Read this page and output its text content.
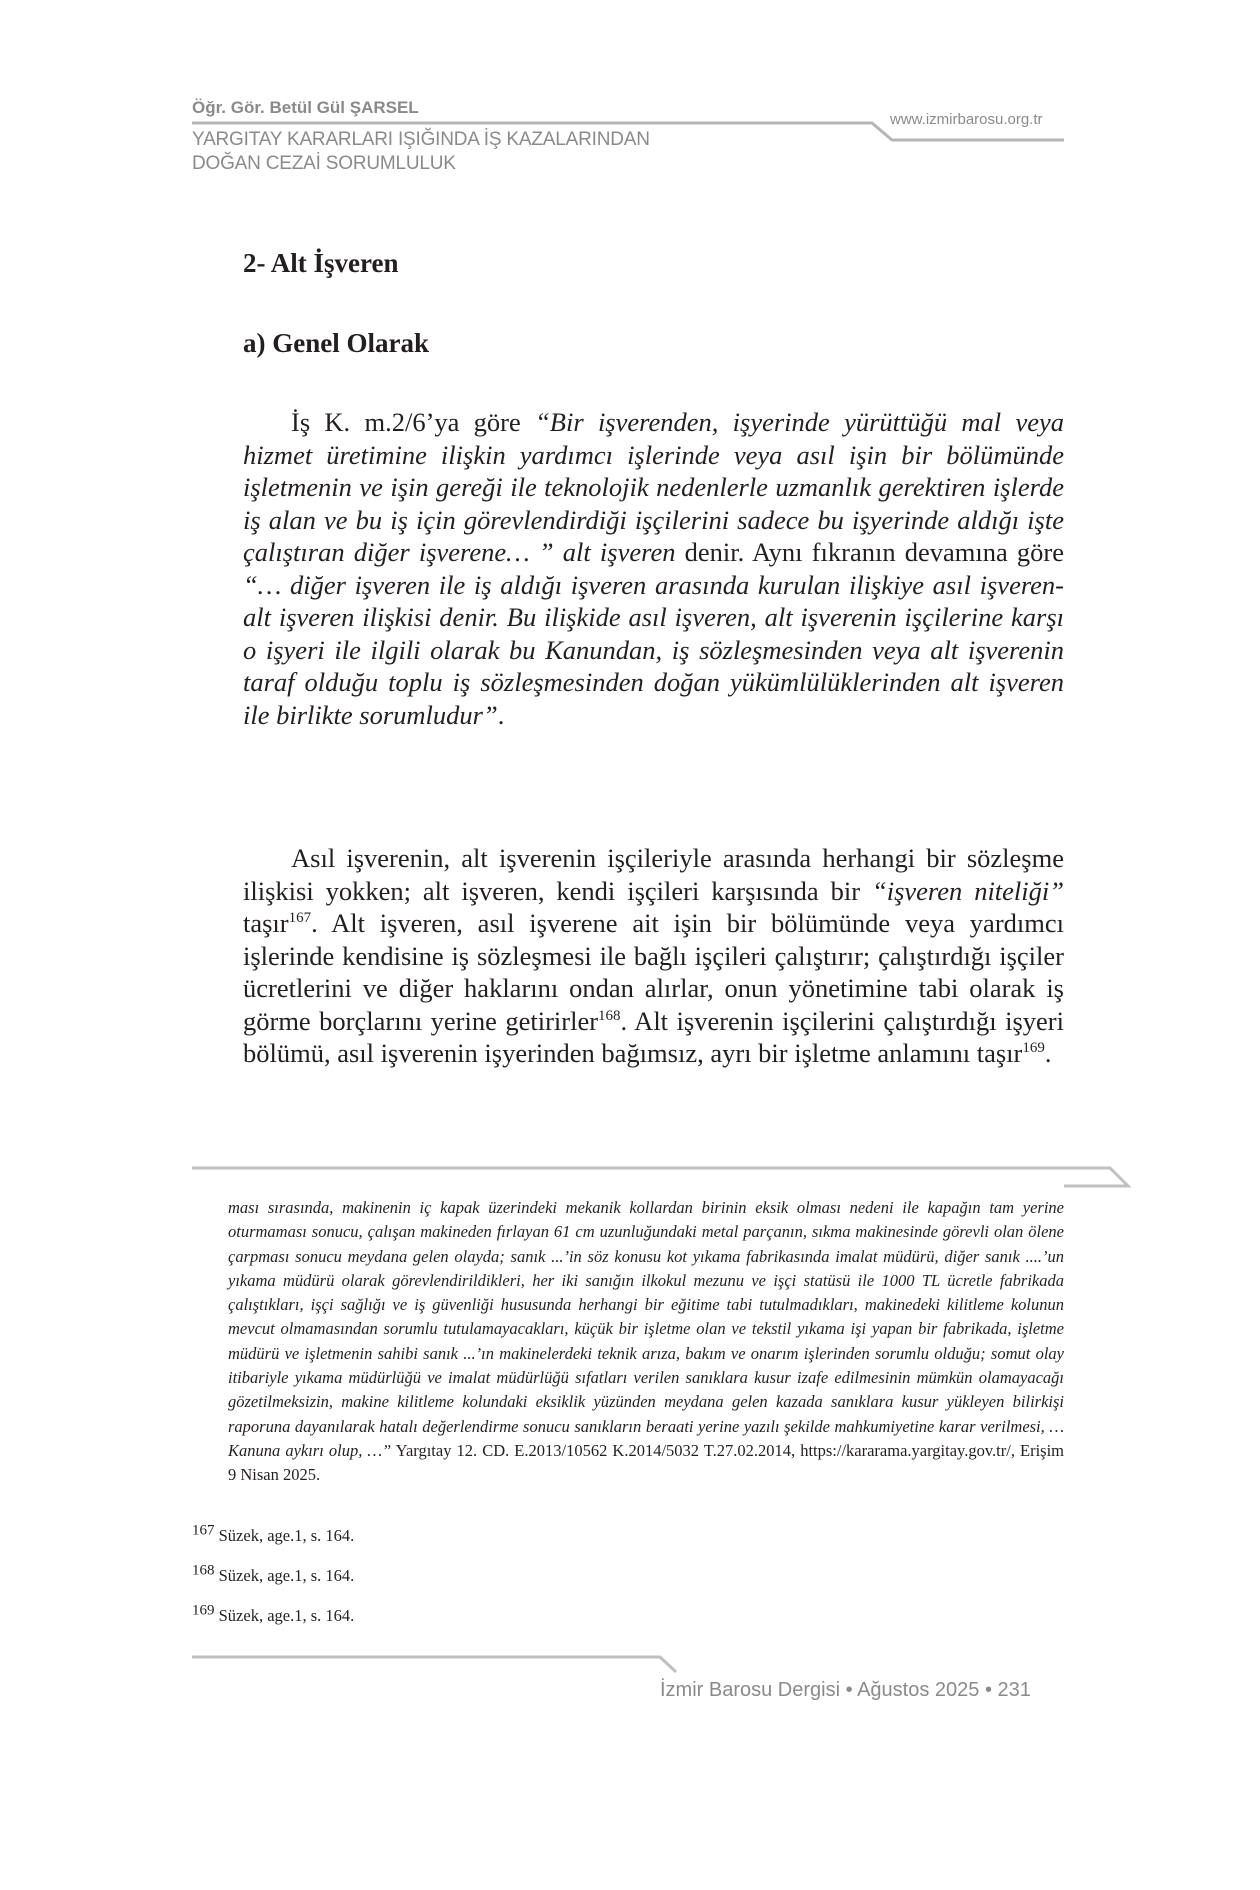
Öğr. Gör. Betül Gül ŞARSEL
YARGITAY KARARLARI IŞIĞINDA İŞ KAZALARINDAN
DOĞAN CEZAİ SORUMLULUK
www.izmirbarosu.org.tr
2- Alt İşveren
a) Genel Olarak
İş K. m.2/6’ya göre “Bir işverenden, işyerinde yürüttüğü mal veya hizmet üretimine ilişkin yardımcı işlerinde veya asıl işin bir bölümünde işletmenin ve işin gereği ile teknolojik nedenlerle uzmanlık gerektiren işlerde iş alan ve bu iş için görevlendirdiği işçilerini sadece bu işyerinde aldığı işte çalıştıran diğer işverene… ” alt işveren denir. Aynı fıkranın devamına göre “… diğer işveren ile iş aldığı işveren arasında kurulan ilişkiye asıl işveren-alt işveren ilişkisi denir. Bu ilişkide asıl işveren, alt işverenin işçilerine karşı o işyeri ile ilgili olarak bu Kanundan, iş sözleşmesinden veya alt işverenin taraf olduğu toplu iş sözleşmesinden doğan yükümlülüklerinden alt işveren ile birlikte sorumludur”.
Asıl işverenin, alt işverenin işçileriyle arasında herhangi bir sözleşme ilişkisi yokken; alt işveren, kendi işçileri karşısında bir “işveren niteliği” taşır$^{167}$. Alt işveren, asıl işverene ait işin bir bölümünde veya yardımcı işlerinde kendisine iş sözleşmesi ile bağlı işçileri çalıştırır; çalıştırdığı işçiler ücretlerini ve diğer haklarını ondan alırlar, onun yönetimine tabi olarak iş görme borçlarını yerine getirirler$^{168}$. Alt işverenin işçilerini çalıştırdığı işyeri bölümü, asıl işverenin işyerinden bağımsız, ayrı bir işletme anlamını taşır$^{169}$.
ması sırasında, makinenin iç kapak üzerindeki mekanik kollardan birinin eksik olması nedeni ile kapağın tam yerine oturmaması sonucu, çalışan makineden fırlayan 61 cm uzunluğundaki metal parçanın, sıkma makinesinde görevli olan ölene çarpması sonucu meydana gelen olayda; sanık ...’in söz konusu kot yıkama fabrikasında imalat müdürü, diğer sanık ....’un yıkama müdürü olarak görevlendirildikleri, her iki sanığın ilkokul mezunu ve işçi statüsü ile 1000 TL ücretle fabrikada çalıştıkları, işçi sağlığı ve iş güvenliği hususunda herhangi bir eğitime tabi tutulmadıkları, makinedeki kilitleme kolunun mevcut olmamasından sorumlu tutulamayacakları, küçük bir işletme olan ve tekstil yıkama işi yapan bir fabrikada, işletme müdürü ve işletmenin sahibi sanık ...’ın makinelerdeki teknik arıza, bakım ve onarım işlerinden sorumlu olduğu; somut olay itibariyle yıkama müdürlüğü ve imalat müdürlüğü sıfatları verilen sanıklara kusur izafe edilmesinin mümkün olamayacağı gözetilmeksizin, makine kilitleme kolundaki eksiklik yüzünden meydana gelen kazada sanıklara kusur yükleyen bilirkişi raporuna dayanılarak hatalı değerlendirme sonucu sanıkların beraati yerine yazılı şekilde mahkumiyetine karar verilmesi, … Kanuna aykırı olup, …” Yargıtay 12. CD. E.2013/10562 K.2014/5032 T.27.02.2014, https://kararama.yargitay.gov.tr/, Erişim 9 Nisan 2025.
$^{167}$ Süzek, age.1, s. 164.
$^{168}$ Süzek, age.1, s. 164.
$^{169}$ Süzek, age.1, s. 164.
İzmir Barosu Dergisi • Ağustos 2025 • 231
